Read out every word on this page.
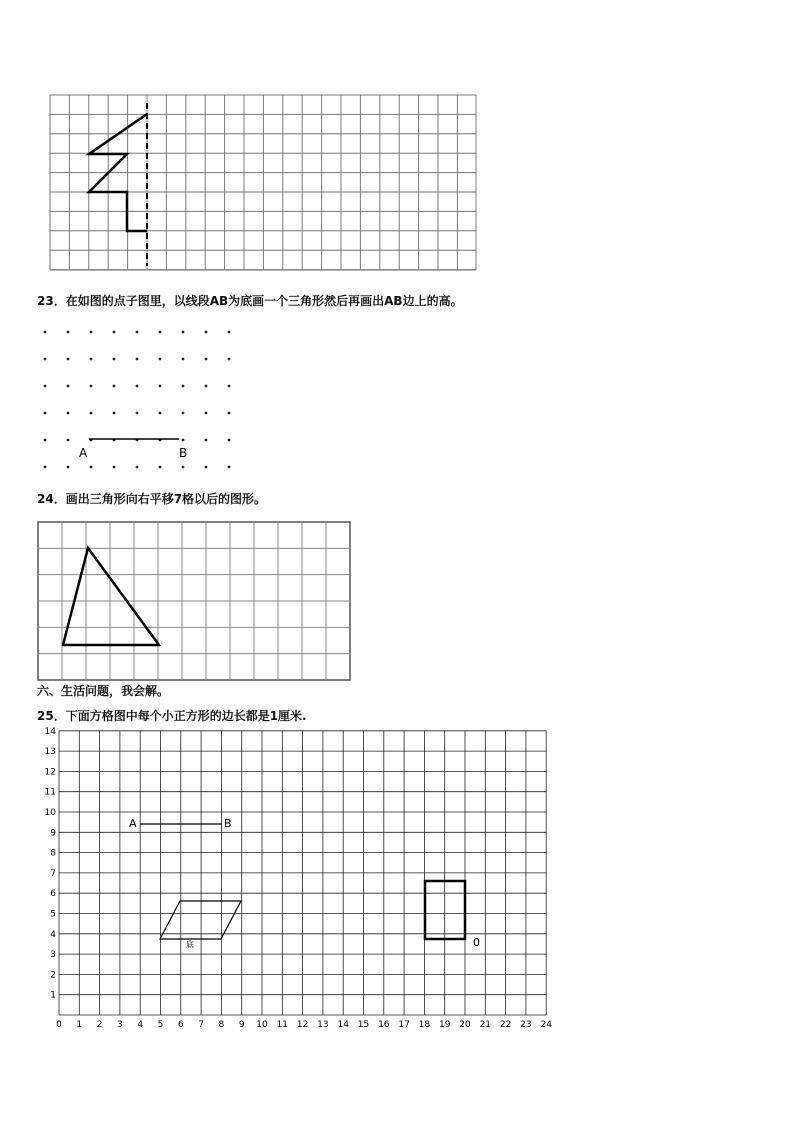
23．在如图的点子图里，以线段AB为底画一个三角形然后再画出AB边上的高。
A	B
24．画出三角形向右平移7格以后的图形。
六、生活问题，我会解。
25．下面方格图中每个小正方形的边长都是1厘米.
0 1 2 3 4 5 6 7 8 9 10 11 12 13 14 15 16 17 18 19 20 21 22 23 24
1
2
3
4
5
6
7
8
9
10
11
12
13
14
A	B
底	0
